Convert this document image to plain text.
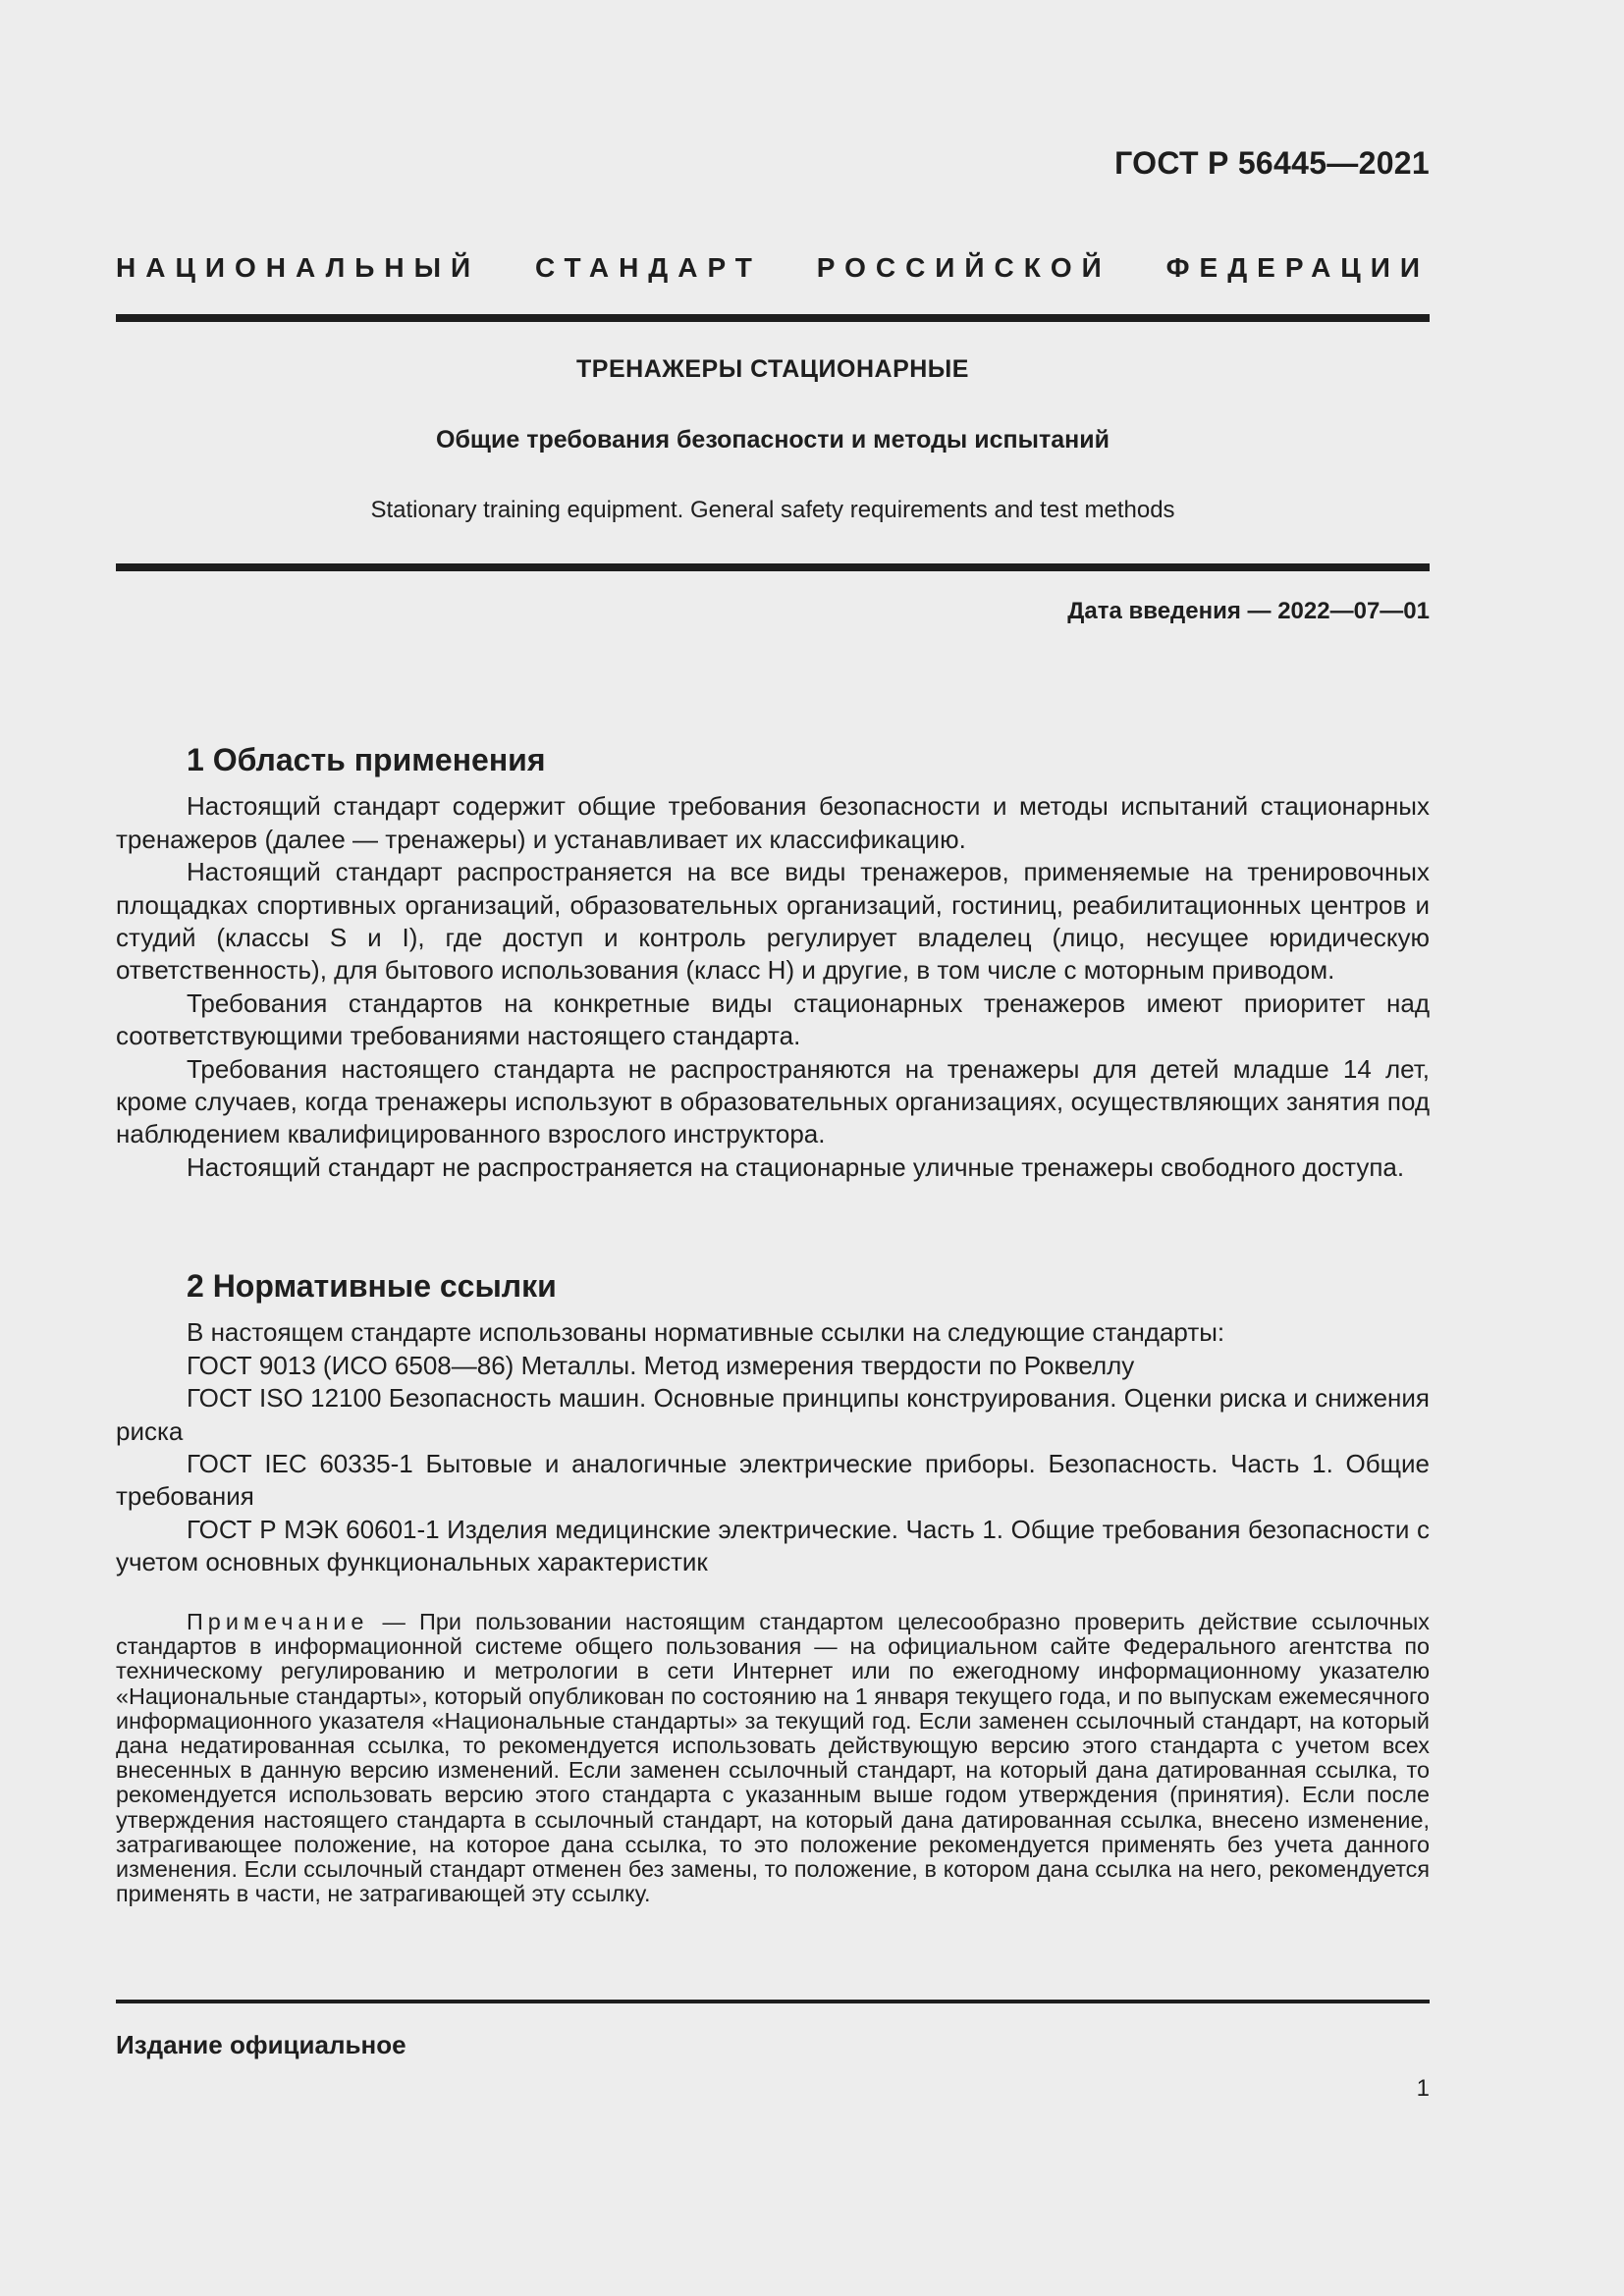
ГОСТ Р 56445—2021
НАЦИОНАЛЬНЫЙ СТАНДАРТ РОССИЙСКОЙ ФЕДЕРАЦИИ
ТРЕНАЖЕРЫ СТАЦИОНАРНЫЕ
Общие требования безопасности и методы испытаний
Stationary training equipment. General safety requirements and test methods
Дата введения — 2022—07—01
1 Область применения

Настоящий стандарт содержит общие требования безопасности и методы испытаний стационарных тренажеров (далее — тренажеры) и устанавливает их классификацию.

Настоящий стандарт распространяется на все виды тренажеров, применяемые на тренировочных площадках спортивных организаций, образовательных организаций, гостиниц, реабилитационных центров и студий (классы S и I), где доступ и контроль регулирует владелец (лицо, несущее юридическую ответственность), для бытового использования (класс H) и другие, в том числе с моторным приводом.

Требования стандартов на конкретные виды стационарных тренажеров имеют приоритет над соответствующими требованиями настоящего стандарта.

Требования настоящего стандарта не распространяются на тренажеры для детей младше 14 лет, кроме случаев, когда тренажеры используют в образовательных организациях, осуществляющих занятия под наблюдением квалифицированного взрослого инструктора.

Настоящий стандарт не распространяется на стационарные уличные тренажеры свободного доступа.

2 Нормативные ссылки

В настоящем стандарте использованы нормативные ссылки на следующие стандарты:

ГОСТ 9013 (ИСО 6508—86) Металлы. Метод измерения твердости по Роквеллу

ГОСТ ISO 12100 Безопасность машин. Основные принципы конструирования. Оценки риска и снижения риска

ГОСТ IEC 60335-1 Бытовые и аналогичные электрические приборы. Безопасность. Часть 1. Общие требования

ГОСТ Р МЭК 60601-1 Изделия медицинские электрические. Часть 1. Общие требования безопасности с учетом основных функциональных характеристик

Примечание — При пользовании настоящим стандартом целесообразно проверить действие ссылочных стандартов в информационной системе общего пользования — на официальном сайте Федерального агентства по техническому регулированию и метрологии в сети Интернет или по ежегодному информационному указателю «Национальные стандарты», который опубликован по состоянию на 1 января текущего года, и по выпускам ежемесячного информационного указателя «Национальные стандарты» за текущий год. Если заменен ссылочный стандарт, на который дана недатированная ссылка, то рекомендуется использовать действующую версию этого стандарта с учетом всех внесенных в данную версию изменений. Если заменен ссылочный стандарт, на который дана датированная ссылка, то рекомендуется использовать версию этого стандарта с указанным выше годом утверждения (принятия). Если после утверждения настоящего стандарта в ссылочный стандарт, на который дана датированная ссылка, внесено изменение, затрагивающее положение, на которое дана ссылка, то это положение рекомендуется применять без учета данного изменения. Если ссылочный стандарт отменен без замены, то положение, в котором дана ссылка на него, рекомендуется применять в части, не затрагивающей эту ссылку.

Издание официальное
1
